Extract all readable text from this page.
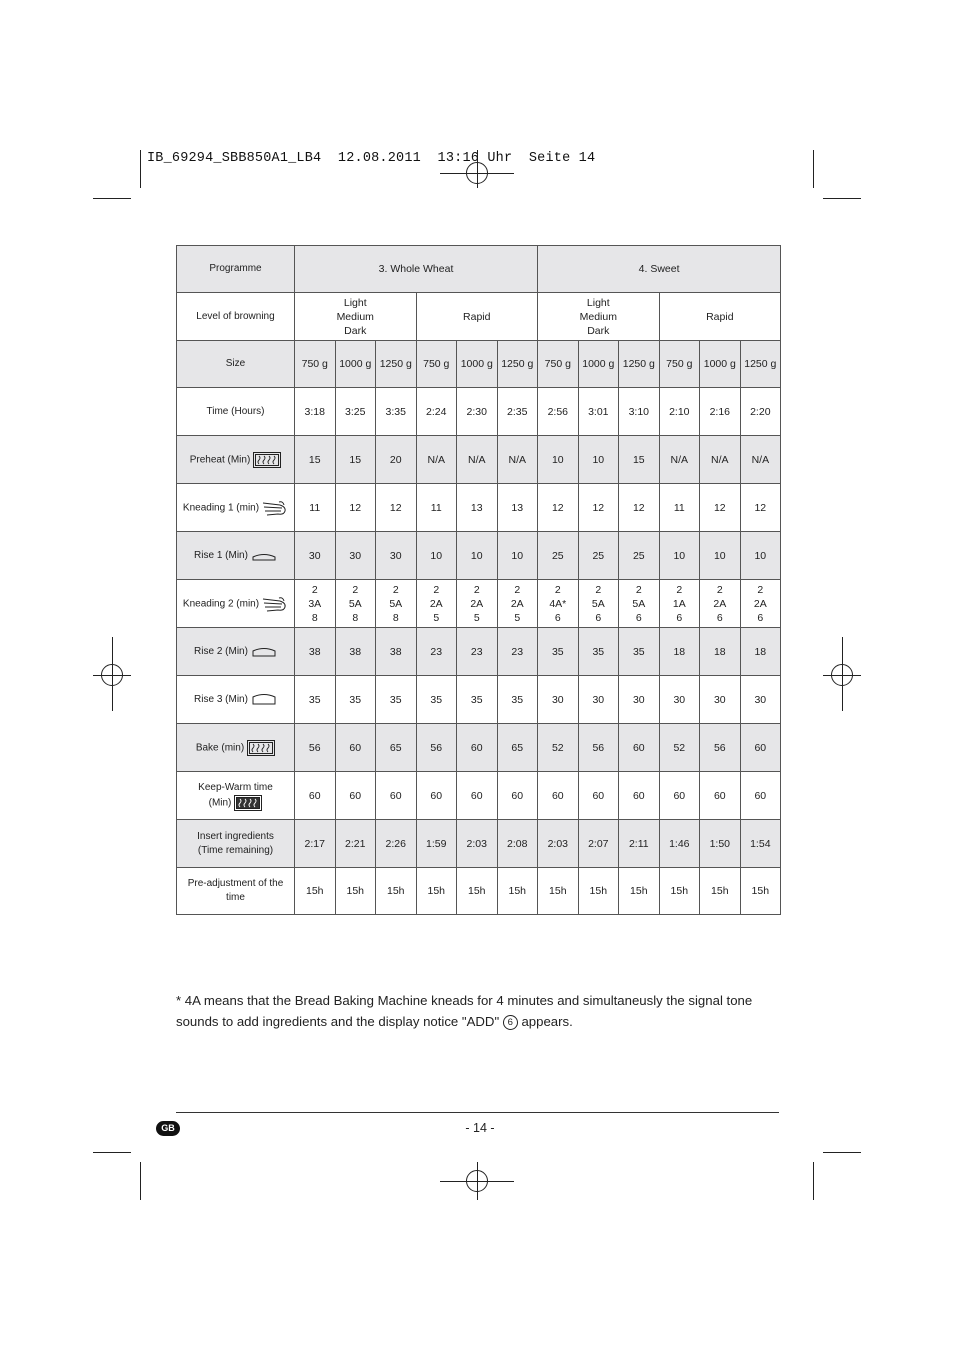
IB_69294_SBB850A1_LB4  12.08.2011  13:16 Uhr  Seite 14
Programme	3. Whole Wheat						4. Sweet					
Level of browning	Light
Medium
Dark			Rapid			Light
Medium
Dark			Rapid		
Size	750 g	1000 g	1250 g	750 g	1000 g	1250 g	750 g	1000 g	1250 g	750 g	1000 g	1250 g
Time (Hours)	3:18	3:25	3:35	2:24	2:30	2:35	2:56	3:01	3:10	2:10	2:16	2:20
Preheat (Min)	15	15	20	N/A	N/A	N/A	10	10	15	N/A	N/A	N/A
Kneading 1 (min)	11	12	12	11	13	13	12	12	12	11	12	12
Rise 1 (Min)	30	30	30	10	10	10	25	25	25	10	10	10
Kneading 2 (min)	2
3A
8	2
5A
8	2
5A
8	2
2A
5	2
2A
5	2
2A
5	2
4A*
6	2
5A
6	2
5A
6	2
1A
6	2
2A
6	2
2A
6

Rise 2 (Min)	38	38	38	23	23	23	35	35	35	18	18	18
Rise 3 (Min)	35	35	35	35	35	35	30	30	30	30	30	30
Bake (min)	56	60	65	56	60	65	52	56	60	52	56	60

Keep-Warm time
(Min)	60	60	60	60	60	60	60	60	60	60	60	60

Insert ingredients
(Time remaining)	2:17	2:21	2:26	1:59	2:03	2:08	2:03	2:07	2:11	1:46	1:50	1:54
Pre-adjustment of the time	15h	15h	15h	15h	15h	15h	15h	15h	15h	15h	15h	15h
* 4A means that the Bread Baking Machine kneads for 4 minutes and simultaneusly the signal tone sounds to add ingredients and the display notice "ADD" 6 appears.
GB	- 14 -
